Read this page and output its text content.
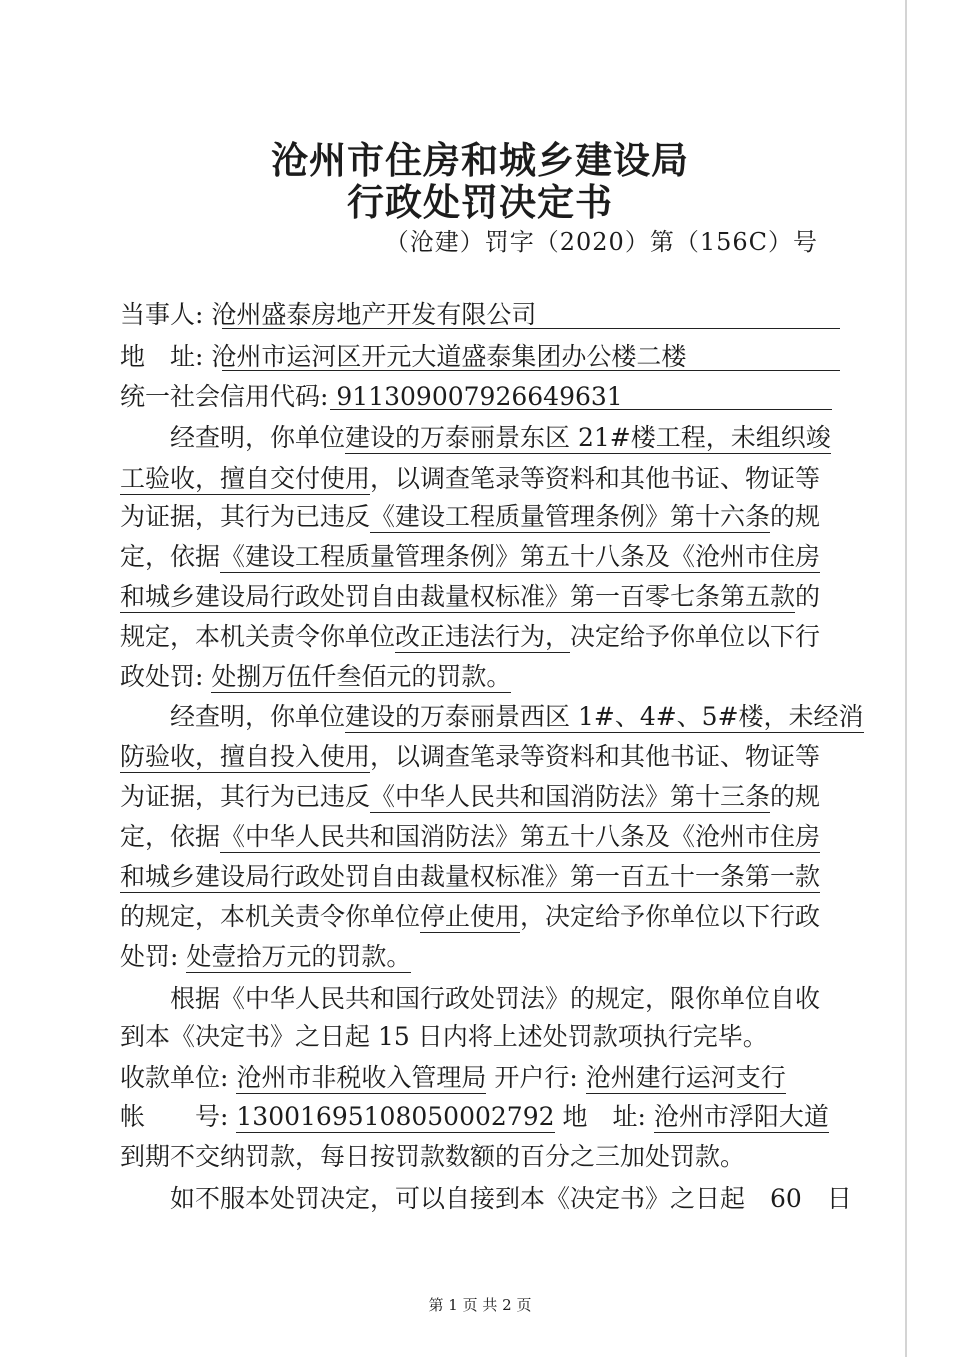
沧州市住房和城乡建设局
行政处罚决定书
（沧建）罚字（2020）第（156C）号
当事人: 沧州盛泰房地产开发有限公司
地　址: 沧州市运河区开元大道盛泰集团办公楼二楼
统一社会信用代码: 911309007926649631
经查明，你单位建设的万泰丽景东区 21#楼工程，未组织竣
工验收，擅自交付使用，以调查笔录等资料和其他书证、物证等
为证据，其行为已违反《建设工程质量管理条例》第十六条的规
定，依据《建设工程质量管理条例》第五十八条及《沧州市住房
和城乡建设局行政处罚自由裁量权标准》第一百零七条第五款的
规定，本机关责令你单位改正违法行为，决定给予你单位以下行
政处罚: 处捌万伍仟叁佰元的罚款。
经查明，你单位建设的万泰丽景西区 1#、4#、5#楼，未经消
防验收，擅自投入使用，以调查笔录等资料和其他书证、物证等
为证据，其行为已违反《中华人民共和国消防法》第十三条的规
定，依据《中华人民共和国消防法》第五十八条及《沧州市住房
和城乡建设局行政处罚自由裁量权标准》第一百五十一条第一款
的规定，本机关责令你单位停止使用，决定给予你单位以下行政
处罚: 处壹拾万元的罚款。
根据《中华人民共和国行政处罚法》的规定，限你单位自收
到本《决定书》之日起 15 日内将上述处罚款项执行完毕。
收款单位: 沧州市非税收入管理局 开户行: 沧州建行运河支行
帐　　号: 13001695108050002792 地　址: 沧州市浮阳大道
到期不交纳罚款，每日按罚款数额的百分之三加处罚款。
如不服本处罚决定，可以自接到本《决定书》之日起　60　日
第 1 页 共 2 页
